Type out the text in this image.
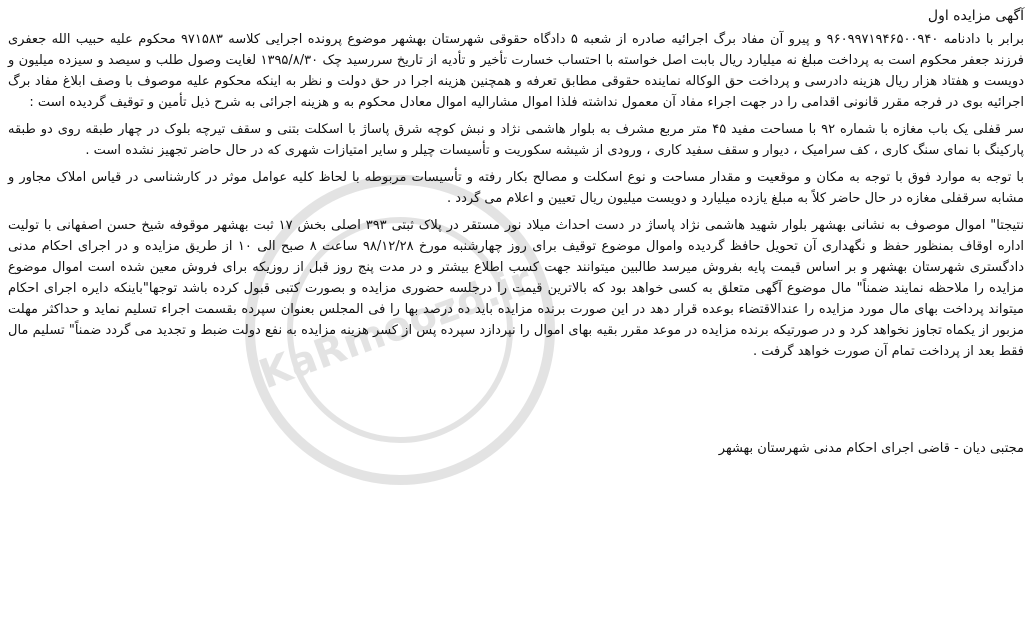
KaRmoozd.ir
آگهی مزایده اول

برابر با دادنامه ۹۶۰۹۹۷۱۹۴۶۵۰۰۹۴۰ و پیرو آن مفاد برگ اجرائیه صادره از شعبه ۵ دادگاه حقوقی شهرستان بهشهر موضوع پرونده اجرایی کلاسه ۹۷۱۵۸۳ محکوم علیه حبیب الله جعفری فرزند جعفر محکوم است به پرداخت مبلغ نه میلیارد ریال بابت اصل خواسته با احتساب خسارت تأخیر و تأدیه از تاریخ سررسید چک ۱۳۹۵/۸/۳۰ لغایت وصول طلب و سیصد و سیزده میلیون و دویست و هفتاد هزار ریال هزینه دادرسی و پرداخت حق الوکاله نماینده حقوقی مطابق تعرفه و همچنین هزینه اجرا در حق دولت و نظر به اینکه محکوم علیه موصوف با وصف ابلاغ مفاد برگ اجرائیه بوی در فرجه مقرر قانونی اقدامی را در جهت اجراء مفاد آن معمول نداشته فلذا اموال مشارالیه اموال معادل محکوم به و هزینه اجرائی به شرح ذیل تأمین و توقیف گردیده است :

سر قفلی یک باب مغازه با شماره ۹۲ با مساحت مفید ۴۵ متر مربع مشرف به بلوار هاشمی نژاد و نبش کوچه شرق پاساژ با اسکلت بتنی و سقف تیرچه بلوک در چهار طبقه روی دو طبقه پارکینگ با نمای سنگ کاری ، کف سرامیک ، دیوار و سقف سفید کاری ، ورودی از شیشه سکوریت و تأسیسات چیلر و سایر امتیازات شهری که در حال حاضر تجهیز نشده است .

با توجه به موارد فوق با توجه به مکان و موقعیت و مقدار مساحت و نوع اسکلت و مصالح بکار رفته و تأسیسات مربوطه با لحاظ کلیه عوامل موثر در کارشناسی در قیاس املاک مجاور و مشابه سرقفلی مغازه در حال حاضر کلاً به مبلغ یازده میلیارد و دویست میلیون ریال تعیین و اعلام می گردد .

نتیجتا" اموال موصوف به نشانی بهشهر بلوار شهید هاشمی نژاد پاساژ در دست احداث میلاد نور مستقر در پلاک ثبتی ۳۹۳ اصلی بخش ۱۷ ثبت بهشهر موقوفه شیخ حسن اصفهانی با تولیت اداره اوقاف بمنظور حفظ و نگهداری آن تحویل حافظ گردیده واموال موضوع توقیف برای روز چهارشنبه مورخ ۹۸/۱۲/۲۸ ساعت ۸ صبح الی ۱۰ از طریق مزایده و در اجرای احکام مدنی دادگستری شهرستان بهشهر و بر اساس قیمت پایه بفروش میرسد طالبین میتوانند جهت کسب اطلاع بیشتر و در مدت پنج روز قبل از روزیکه برای فروش معین شده است اموال موضوع مزایده را ملاحظه نمایند ضمناً" مال موضوع آگهی متعلق به کسی خواهد بود که بالاترین قیمت را درجلسه حضوری مزایده و بصورت کتبی قبول کرده باشد توجها"باینکه دایره اجرای احکام میتواند پرداخت بهای مال مورد مزایده را عندالاقتضاء بوعده قرار دهد در این صورت برنده مزایده باید ده درصد بها را فی المجلس بعنوان سپرده بقسمت اجراء تسلیم نماید و حداکثر مهلت مزبور از یکماه تجاوز نخواهد کرد و در صورتیکه برنده مزایده در موعد مقرر بقیه بهای اموال را نپردازد سپرده پس از کسر هزینه مزایده به نفع دولت ضبط و تجدید می گردد ضمناً" تسلیم مال فقط بعد از پرداخت تمام آن صورت خواهد گرفت .

مجتبی دیان - قاضی اجرای احکام مدنی شهرستان بهشهر
